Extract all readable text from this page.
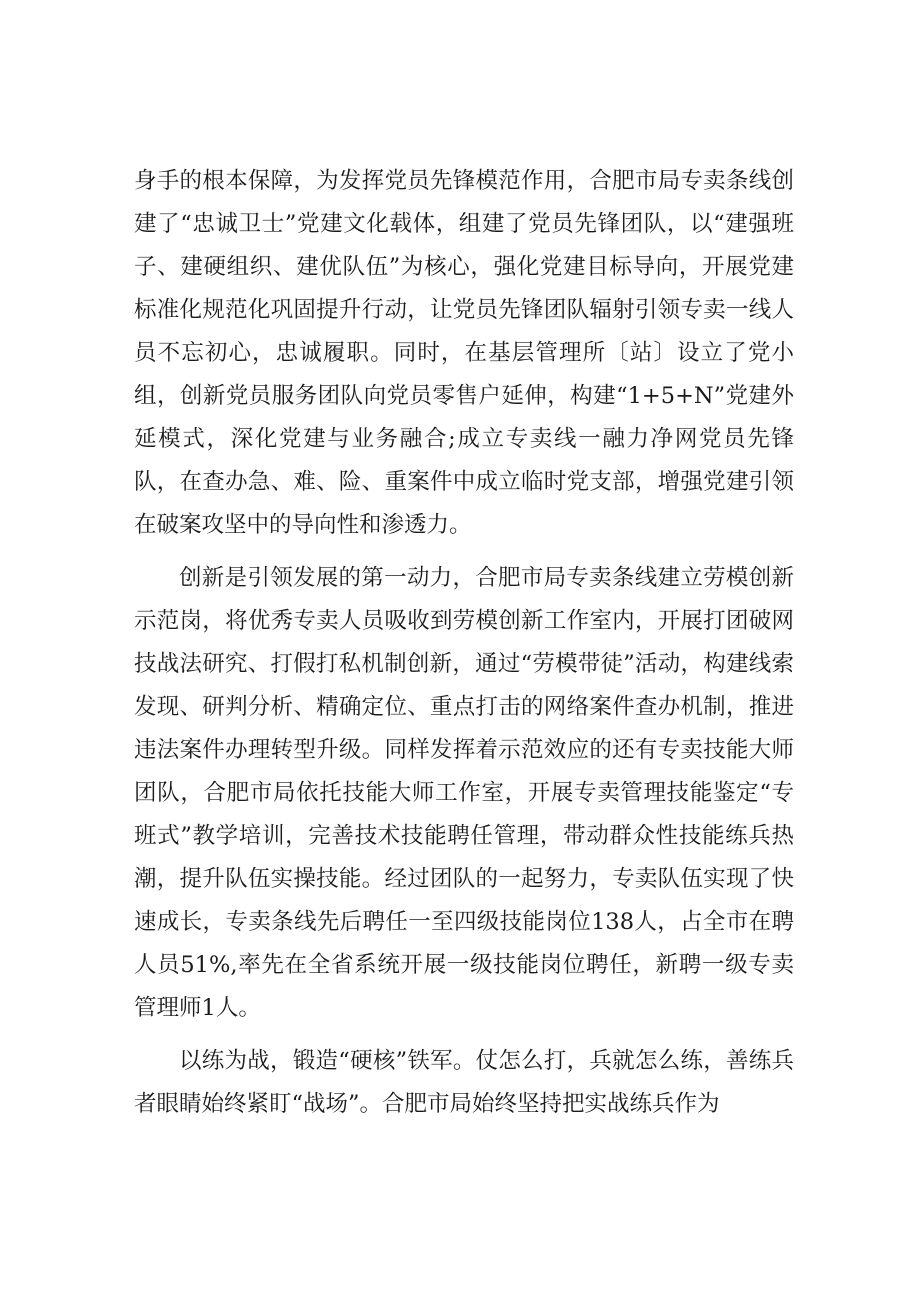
身手的根本保障，为发挥党员先锋模范作用，合肥市局专卖条线创建了“忠诚卫士”党建文化载体，组建了党员先锋团队，以“建强班子、建硬组织、建优队伍”为核心，强化党建目标导向，开展党建标准化规范化巩固提升行动，让党员先锋团队辐射引领专卖一线人员不忘初心，忠诚履职。同时，在基层管理所〔站〕设立了党小组，创新党员服务团队向党员零售户延伸，构建“1+5+N”党建外延模式，深化党建与业务融合;成立专卖线一融力净网党员先锋队，在查办急、难、险、重案件中成立临时党支部，增强党建引领在破案攻坚中的导向性和渗透力。

创新是引领发展的第一动力，合肥市局专卖条线建立劳模创新示范岗，将优秀专卖人员吸收到劳模创新工作室内，开展打团破网技战法研究、打假打私机制创新，通过“劳模带徒”活动，构建线索发现、研判分析、精确定位、重点打击的网络案件查办机制，推进违法案件办理转型升级。同样发挥着示范效应的还有专卖技能大师团队，合肥市局依托技能大师工作室，开展专卖管理技能鉴定“专班式”教学培训，完善技术技能聘任管理，带动群众性技能练兵热潮，提升队伍实操技能。经过团队的一起努力，专卖队伍实现了快速成长，专卖条线先后聘任一至四级技能岗位138人，占全市在聘人员51%,率先在全省系统开展一级技能岗位聘任，新聘一级专卖管理师1人。

以练为战，锻造“硬核”铁军。仗怎么打，兵就怎么练，善练兵者眼睛始终紧盯“战场”。合肥市局始终坚持把实战练兵作为
